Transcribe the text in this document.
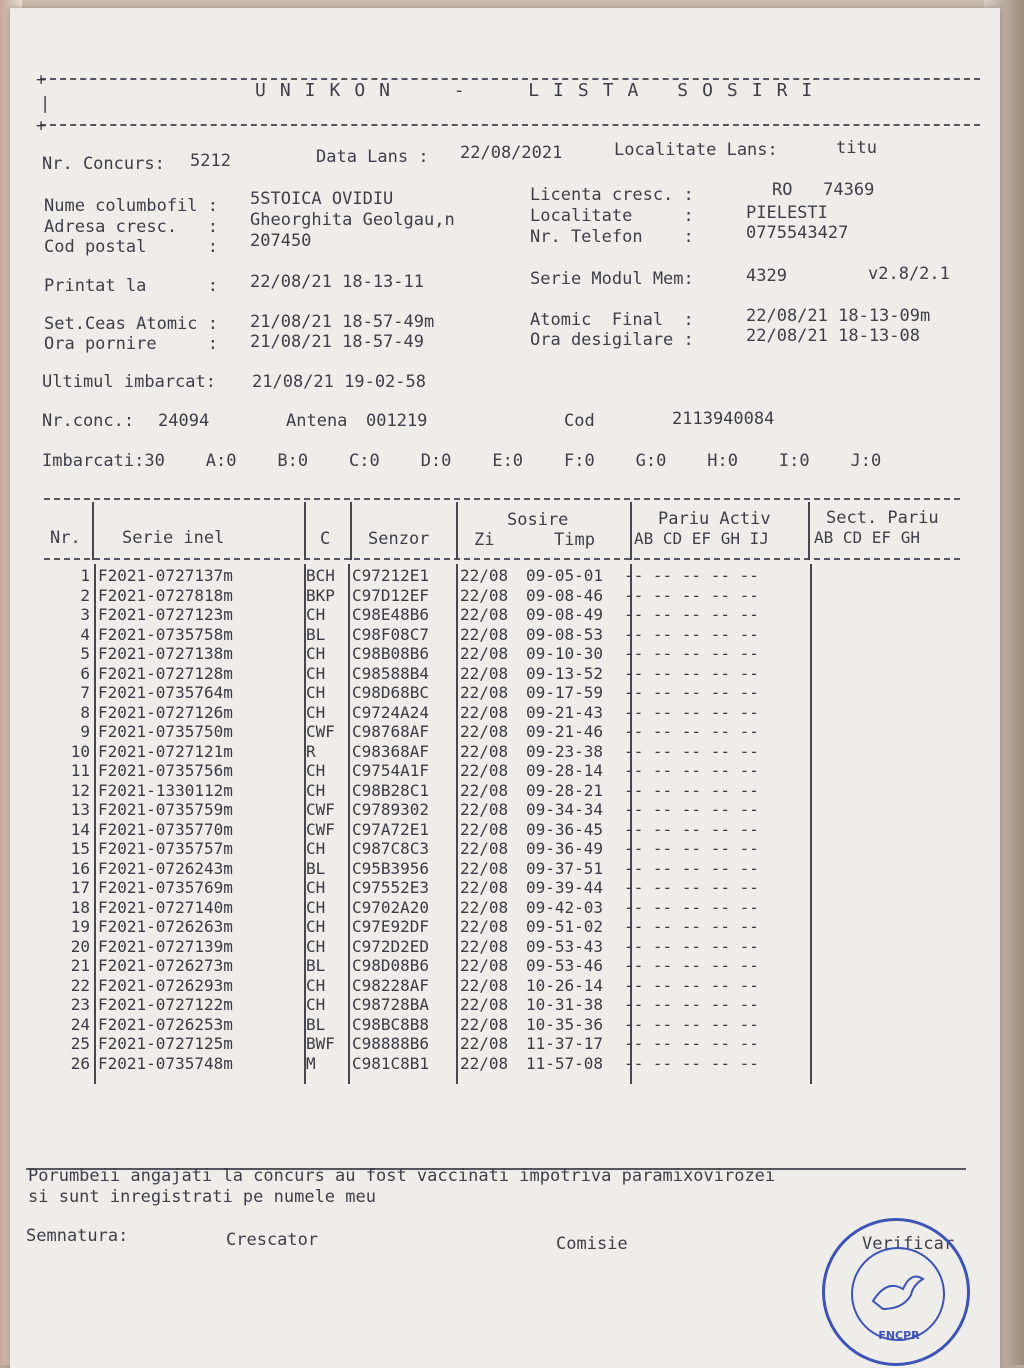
+
|
UNIKON  -  LISTA SOSIRI
+
Nr. Concurs: 5212	Data Lans : 22/08/2021	Localitate Lans:	titu
Nume columbofil : 5STOICA OVIDIU
Adresa cresc.   : Gheorghita Geolgau,n
Cod postal      : 207450
Licenta cresc. :	RO   74369
Localitate     :	PIELESTI
Nr. Telefon    :	0775543427
Printat la      : 22/08/21 18-13-11	Serie Modul Mem:	4329	v2.8/2.1
Set.Ceas Atomic : 21/08/21 18-57-49m
Ora pornire     : 21/08/21 18-57-49
Atomic  Final  :	22/08/21 18-13-09m
Ora desigilare :	22/08/21 18-13-08
Ultimul imbarcat: 21/08/21 19-02-58
Nr.conc.: 24094	Antena 001219	Cod	2113940084
Imbarcati:30    A:0    B:0    C:0    D:0    E:0    F:0    G:0    H:0    I:0    J:0
Nr. Serie inel	C Senzor
Sosire
Zi	Timp
Pariu Activ
AB CD EF GH IJ
Sect. Pariu
AB CD EF GH
1	F2021-0727137m	BCH	C97212E1	22/08	09-05-01	-- -- -- -- --
2	F2021-0727818m	BKP	C97D12EF	22/08	09-08-46	-- -- -- -- --
3	F2021-0727123m	CH	C98E48B6	22/08	09-08-49	-- -- -- -- --
4	F2021-0735758m	BL	C98F08C7	22/08	09-08-53	-- -- -- -- --
5	F2021-0727138m	CH	C98B08B6	22/08	09-10-30	-- -- -- -- --
6	F2021-0727128m	CH	C98588B4	22/08	09-13-52	-- -- -- -- --
7	F2021-0735764m	CH	C98D68BC	22/08	09-17-59	-- -- -- -- --
8	F2021-0727126m	CH	C9724A24	22/08	09-21-43	-- -- -- -- --
9	F2021-0735750m	CWF	C98768AF	22/08	09-21-46	-- -- -- -- --
10	F2021-0727121m	R	C98368AF	22/08	09-23-38	-- -- -- -- --
11	F2021-0735756m	CH	C9754A1F	22/08	09-28-14	-- -- -- -- --
12	F2021-1330112m	CH	C98B28C1	22/08	09-28-21	-- -- -- -- --
13	F2021-0735759m	CWF	C9789302	22/08	09-34-34	-- -- -- -- --
14	F2021-0735770m	CWF	C97A72E1	22/08	09-36-45	-- -- -- -- --
15	F2021-0735757m	CH	C987C8C3	22/08	09-36-49	-- -- -- -- --
16	F2021-0726243m	BL	C95B3956	22/08	09-37-51	-- -- -- -- --
17	F2021-0735769m	CH	C97552E3	22/08	09-39-44	-- -- -- -- --
18	F2021-0727140m	CH	C9702A20	22/08	09-42-03	-- -- -- -- --
19	F2021-0726263m	CH	C97E92DF	22/08	09-51-02	-- -- -- -- --
20	F2021-0727139m	CH	C972D2ED	22/08	09-53-43	-- -- -- -- --
21	F2021-0726273m	BL	C98D08B6	22/08	09-53-46	-- -- -- -- --
22	F2021-0726293m	CH	C98228AF	22/08	10-26-14	-- -- -- -- --
23	F2021-0727122m	CH	C98728BA	22/08	10-31-38	-- -- -- -- --
24	F2021-0726253m	BL	C98BC8B8	22/08	10-35-36	-- -- -- -- --
25	F2021-0727125m	BWF	C98888B6	22/08	11-37-17	-- -- -- -- --
26	F2021-0735748m	M	C981C8B1	22/08	11-57-08	-- -- -- -- --
Porumbeii angajati la concurs au fost vaccinati impotriva paramixovirozei
si sunt inregistrati pe numele meu
Semnatura:	Crescator	Comisie	Verificar
FNCPR
